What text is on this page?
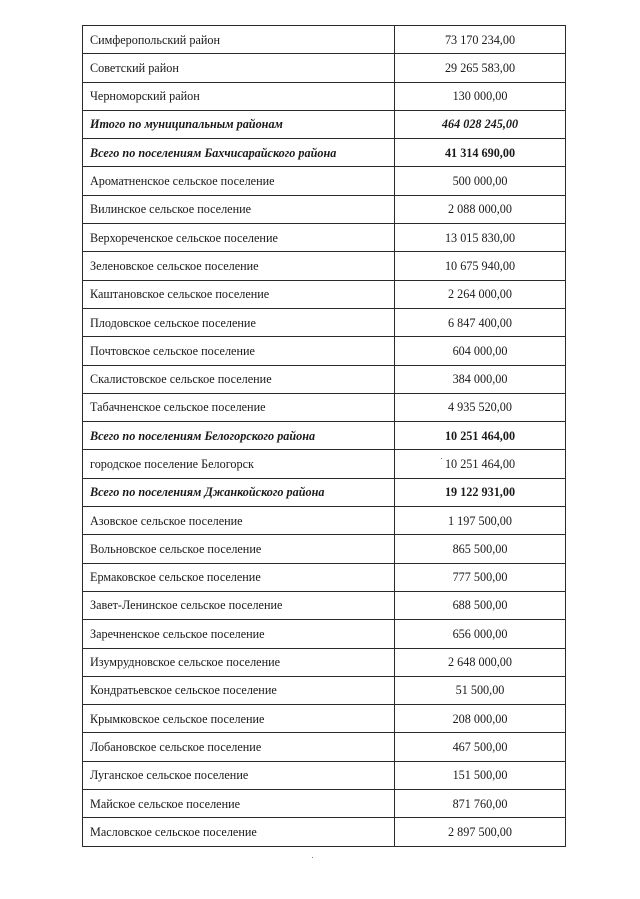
Симферопольский район	73 170 234,00
Советский район	29 265 583,00
Черноморский район	130 000,00
Итого по муниципальным районам	464 028 245,00
Всего по поселениям Бахчисарайского района	41 314 690,00
Ароматненское сельское поселение	500 000,00
Вилинское сельское поселение	2 088 000,00
Верхореченское сельское поселение	13 015 830,00
Зеленовское сельское поселение	10 675 940,00
Каштановское сельское поселение	2 264 000,00
Плодовское сельское поселение	6 847 400,00
Почтовское сельское поселение	604 000,00
Скалистовское сельское поселение	384 000,00
Табачненское сельское поселение	4 935 520,00
Всего по поселениям Белогорского района	10 251 464,00
городское поселение Белогорск	10 251 464,00
Всего по поселениям Джанкойского района	19 122 931,00
Азовское сельское поселение	1 197 500,00
Вольновское сельское поселение	865 500,00
Ермаковское сельское поселение	777 500,00
Завет-Ленинское сельское поселение	688 500,00
Заречненское сельское поселение	656 000,00
Изумрудновское сельское поселение	2 648 000,00
Кондратьевское сельское поселение	51 500,00
Крымковское сельское поселение	208 000,00
Лобановское сельское поселение	467 500,00
Луганское сельское поселение	151 500,00
Майское сельское поселение	871 760,00
Масловское сельское поселение	2 897 500,00
